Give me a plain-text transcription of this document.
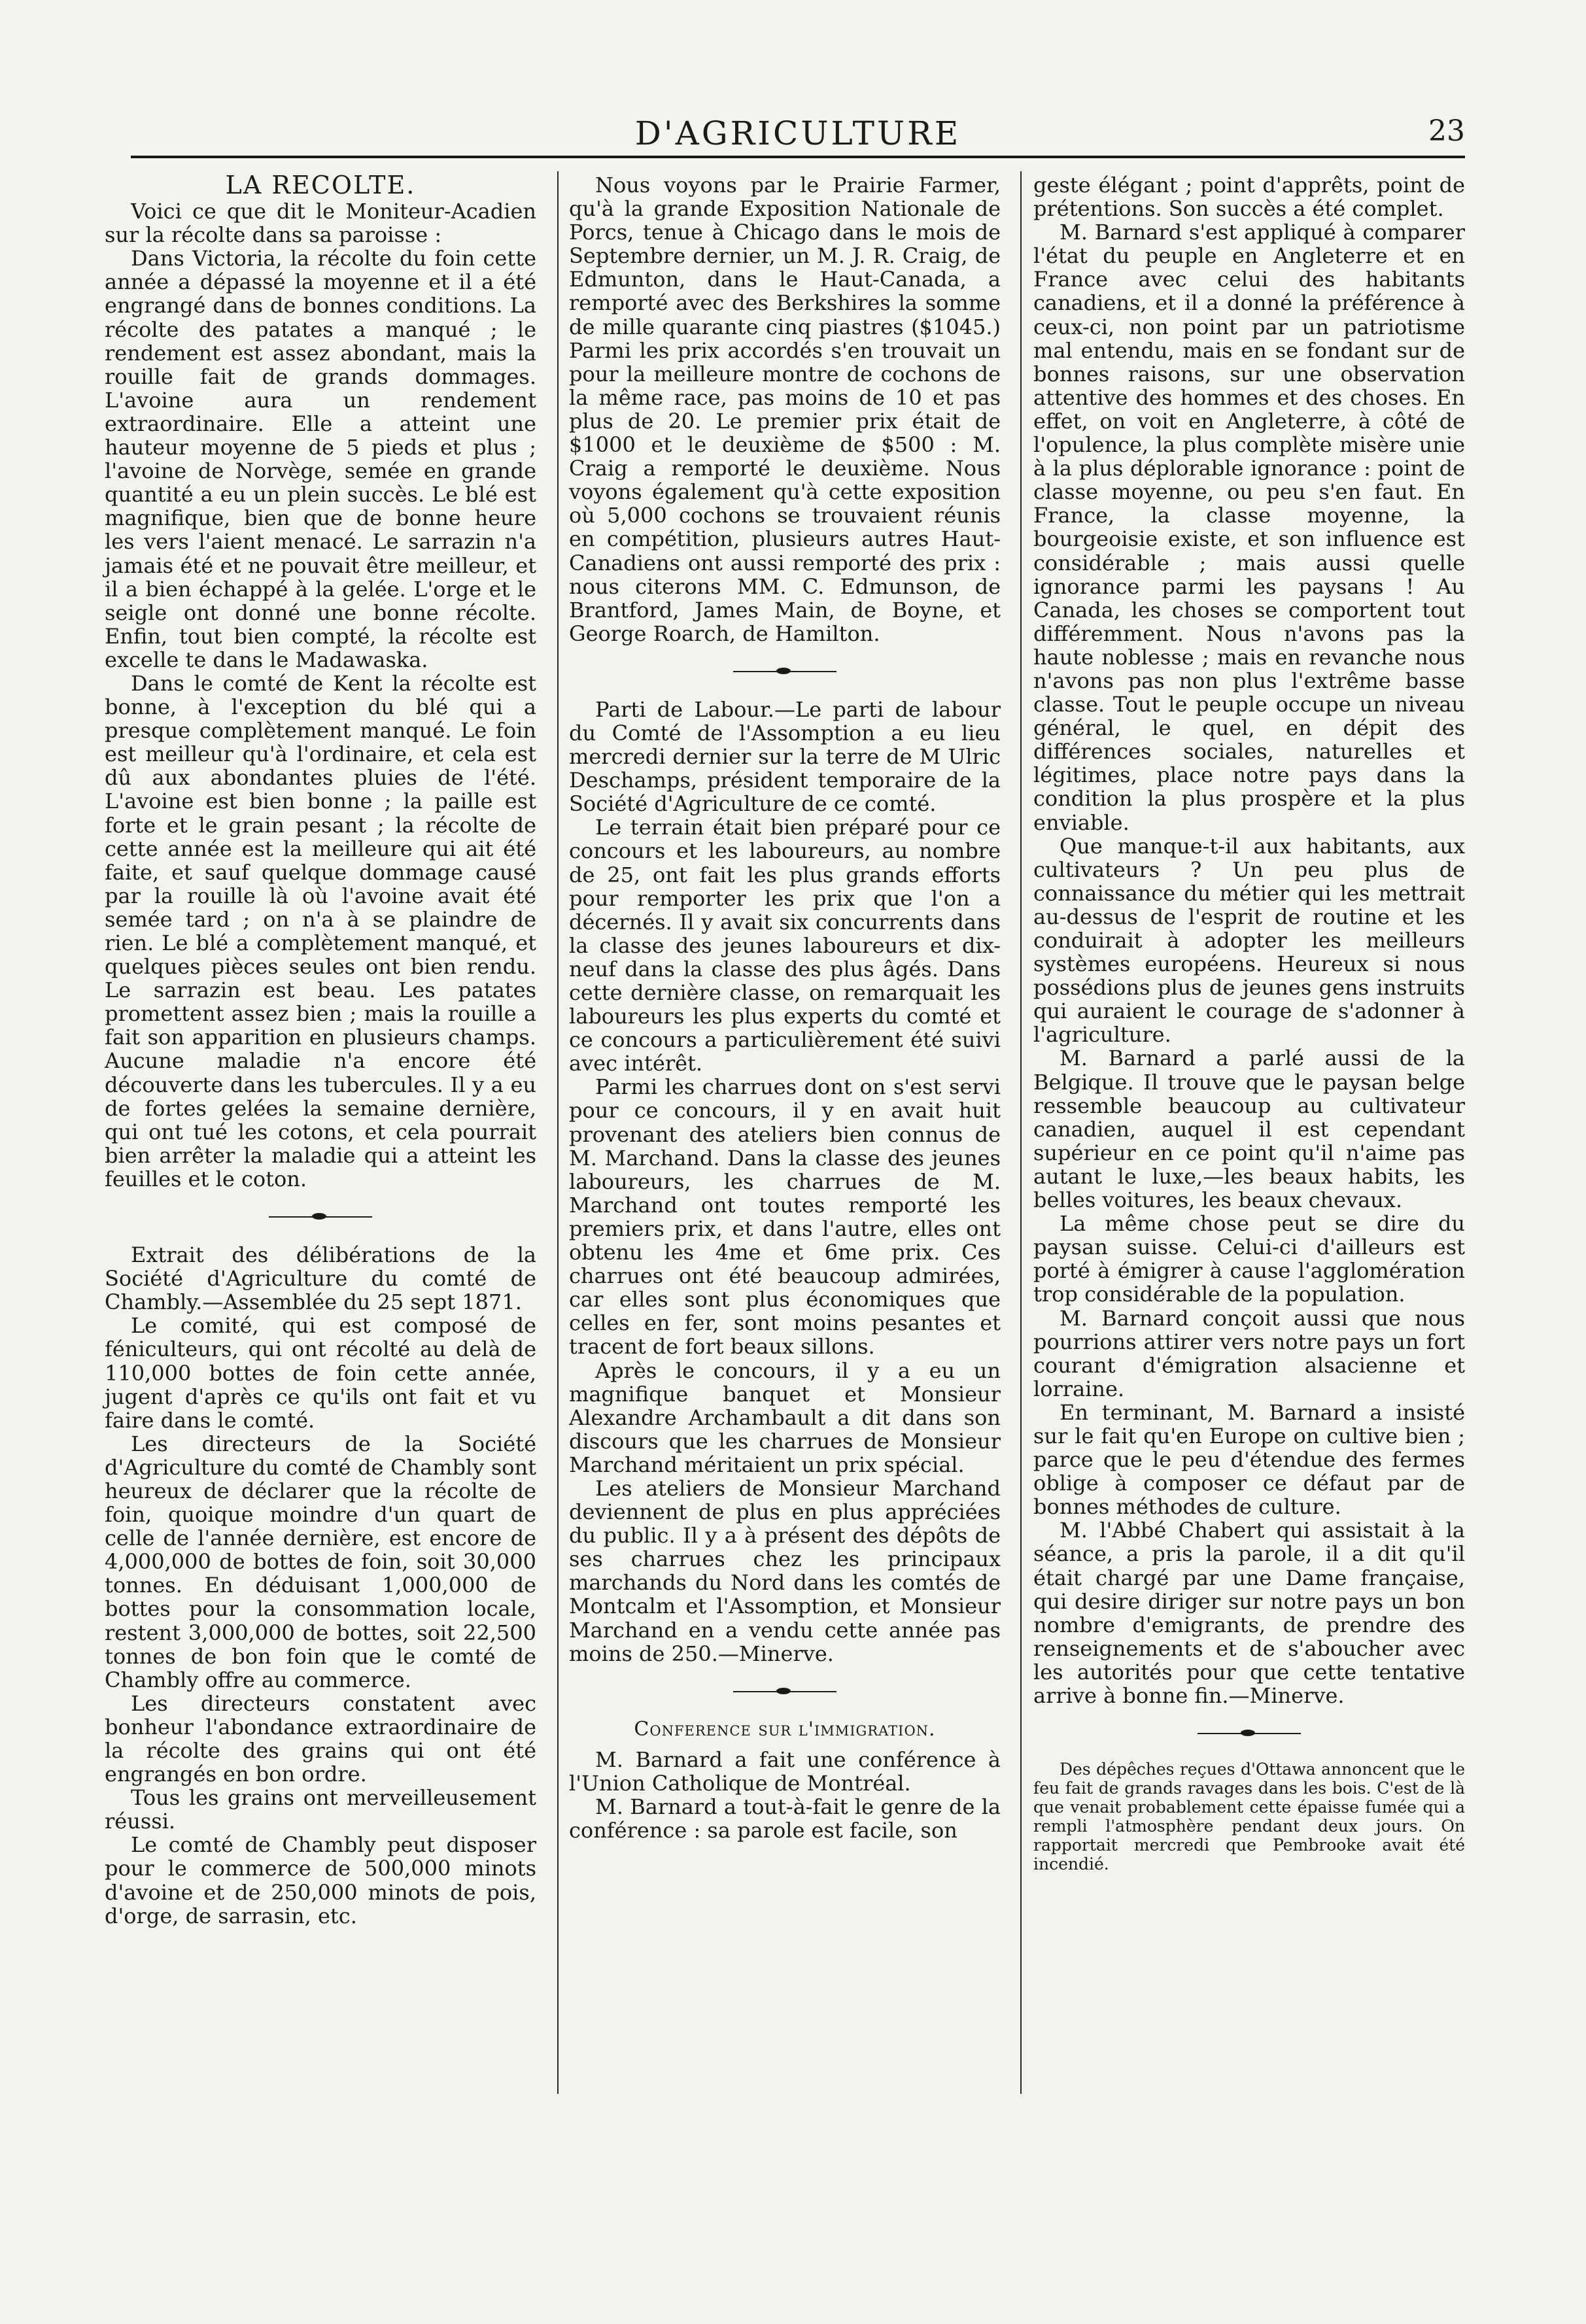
D'AGRICULTURE	23
LA RECOLTE.

Voici ce que dit le Moniteur-Acadien sur la récolte dans sa paroisse :

Dans Victoria, la récolte du foin cette année a dépassé la moyenne et il a été engrangé dans de bonnes conditions. La récolte des patates a manqué ; le rendement est assez abondant, mais la rouille fait de grands dommages. L'avoine aura un rendement extraordinaire. Elle a atteint une hauteur moyenne de 5 pieds et plus ; l'avoine de Norvège, semée en grande quantité a eu un plein succès. Le blé est magnifique, bien que de bonne heure les vers l'aient menacé. Le sarrazin n'a jamais été et ne pouvait être meilleur, et il a bien échappé à la gelée. L'orge et le seigle ont donné une bonne récolte. Enfin, tout bien compté, la récolte est excelle te dans le Madawaska.

Dans le comté de Kent la récolte est bonne, à l'exception du blé qui a presque complètement manqué. Le foin est meilleur qu'à l'ordinaire, et cela est dû aux abondantes pluies de l'été. L'avoine est bien bonne ; la paille est forte et le grain pesant ; la récolte de cette année est la meilleure qui ait été faite, et sauf quelque dommage causé par la rouille là où l'avoine avait été semée tard ; on n'a à se plaindre de rien. Le blé a complètement manqué, et quelques pièces seules ont bien rendu. Le sarrazin est beau. Les patates promettent assez bien ; mais la rouille a fait son apparition en plusieurs champs. Aucune maladie n'a encore été découverte dans les tubercules. Il y a eu de fortes gelées la semaine dernière, qui ont tué les cotons, et cela pourrait bien arrêter la maladie qui a atteint les feuilles et le coton.

Extrait des délibérations de la Société d'Agriculture du comté de Chambly.—Assemblée du 25 sept 1871.

Le comité, qui est composé de féniculteurs, qui ont récolté au delà de 110,000 bottes de foin cette année, jugent d'après ce qu'ils ont fait et vu faire dans le comté.

Les directeurs de la Société d'Agriculture du comté de Chambly sont heureux de déclarer que la récolte de foin, quoique moindre d'un quart de celle de l'année dernière, est encore de 4,000,000 de bottes de foin, soit 30,000 tonnes. En déduisant 1,000,000 de bottes pour la consommation locale, restent 3,000,000 de bottes, soit 22,500 tonnes de bon foin que le comté de Chambly offre au commerce.

Les directeurs constatent avec bonheur l'abondance extraordinaire de la récolte des grains qui ont été engrangés en bon ordre.

Tous les grains ont merveilleusement réussi.

Le comté de Chambly peut disposer pour le commerce de 500,000 minots d'avoine et de 250,000 minots de pois, d'orge, de sarrasin, etc.

Nous voyons par le Prairie Farmer, qu'à la grande Exposition Nationale de Porcs, tenue à Chicago dans le mois de Septembre dernier, un M. J. R. Craig, de Edmunton, dans le Haut-Canada, a remporté avec des Berkshires la somme de mille quarante cinq piastres ($1045.) Parmi les prix accordés s'en trouvait un pour la meilleure montre de cochons de la même race, pas moins de 10 et pas plus de 20. Le premier prix était de $1000 et le deuxième de $500 : M. Craig a remporté le deuxième. Nous voyons également qu'à cette exposition où 5,000 cochons se trouvaient réunis en compétition, plusieurs autres Haut-Canadiens ont aussi remporté des prix : nous citerons MM. C. Edmunson, de Brantford, James Main, de Boyne, et George Roarch, de Hamilton.

Parti de Labour.—Le parti de labour du Comté de l'Assomption a eu lieu mercredi dernier sur la terre de M Ulric Deschamps, président temporaire de la Société d'Agriculture de ce comté.

Le terrain était bien préparé pour ce concours et les laboureurs, au nombre de 25, ont fait les plus grands efforts pour remporter les prix que l'on a décernés. Il y avait six concurrents dans la classe des jeunes laboureurs et dix-neuf dans la classe des plus âgés. Dans cette dernière classe, on remarquait les laboureurs les plus experts du comté et ce concours a particulièrement été suivi avec intérêt.

Parmi les charrues dont on s'est servi pour ce concours, il y en avait huit provenant des ateliers bien connus de M. Marchand. Dans la classe des jeunes laboureurs, les charrues de M. Marchand ont toutes remporté les premiers prix, et dans l'autre, elles ont obtenu les 4me et 6me prix. Ces charrues ont été beaucoup admirées, car elles sont plus économiques que celles en fer, sont moins pesantes et tracent de fort beaux sillons.

Après le concours, il y a eu un magnifique banquet et Monsieur Alexandre Archambault a dit dans son discours que les charrues de Monsieur Marchand méritaient un prix spécial.

Les ateliers de Monsieur Marchand deviennent de plus en plus appréciées du public. Il y a à présent des dépôts de ses charrues chez les principaux marchands du Nord dans les comtés de Montcalm et l'Assomption, et Monsieur Marchand en a vendu cette année pas moins de 250.—Minerve.

Conference sur l'immigration.

M. Barnard a fait une conférence à l'Union Catholique de Montréal.

M. Barnard a tout-à-fait le genre de la conférence : sa parole est facile, son

geste élégant ; point d'apprêts, point de prétentions. Son succès a été complet.

M. Barnard s'est appliqué à comparer l'état du peuple en Angleterre et en France avec celui des habitants canadiens, et il a donné la préférence à ceux-ci, non point par un patriotisme mal entendu, mais en se fondant sur de bonnes raisons, sur une observation attentive des hommes et des choses. En effet, on voit en Angleterre, à côté de l'opulence, la plus complète misère unie à la plus déplorable ignorance : point de classe moyenne, ou peu s'en faut. En France, la classe moyenne, la bourgeoisie existe, et son influence est considérable ; mais aussi quelle ignorance parmi les paysans ! Au Canada, les choses se comportent tout différemment. Nous n'avons pas la haute noblesse ; mais en revanche nous n'avons pas non plus l'extrême basse classe. Tout le peuple occupe un niveau général, le quel, en dépit des différences sociales, naturelles et légitimes, place notre pays dans la condition la plus prospère et la plus enviable.

Que manque-t-il aux habitants, aux cultivateurs ? Un peu plus de connaissance du métier qui les mettrait au-dessus de l'esprit de routine et les conduirait à adopter les meilleurs systèmes européens. Heureux si nous possédions plus de jeunes gens instruits qui auraient le courage de s'adonner à l'agriculture.

M. Barnard a parlé aussi de la Belgique. Il trouve que le paysan belge ressemble beaucoup au cultivateur canadien, auquel il est cependant supérieur en ce point qu'il n'aime pas autant le luxe,—les beaux habits, les belles voitures, les beaux chevaux.

La même chose peut se dire du paysan suisse. Celui-ci d'ailleurs est porté à émigrer à cause l'agglomération trop considérable de la population.

M. Barnard conçoit aussi que nous pourrions attirer vers notre pays un fort courant d'émigration alsacienne et lorraine.

En terminant, M. Barnard a insisté sur le fait qu'en Europe on cultive bien ; parce que le peu d'étendue des fermes oblige à composer ce défaut par de bonnes méthodes de culture.

M. l'Abbé Chabert qui assistait à la séance, a pris la parole, il a dit qu'il était chargé par une Dame française, qui desire diriger sur notre pays un bon nombre d'emigrants, de prendre des renseignements et de s'aboucher avec les autorités pour que cette tentative arrive à bonne fin.—Minerve.

Des dépêches reçues d'Ottawa annoncent que le feu fait de grands ravages dans les bois. C'est de là que venait probablement cette épaisse fumée qui a rempli l'atmosphère pendant deux jours. On rapportait mercredi que Pembrooke avait été incendié.
